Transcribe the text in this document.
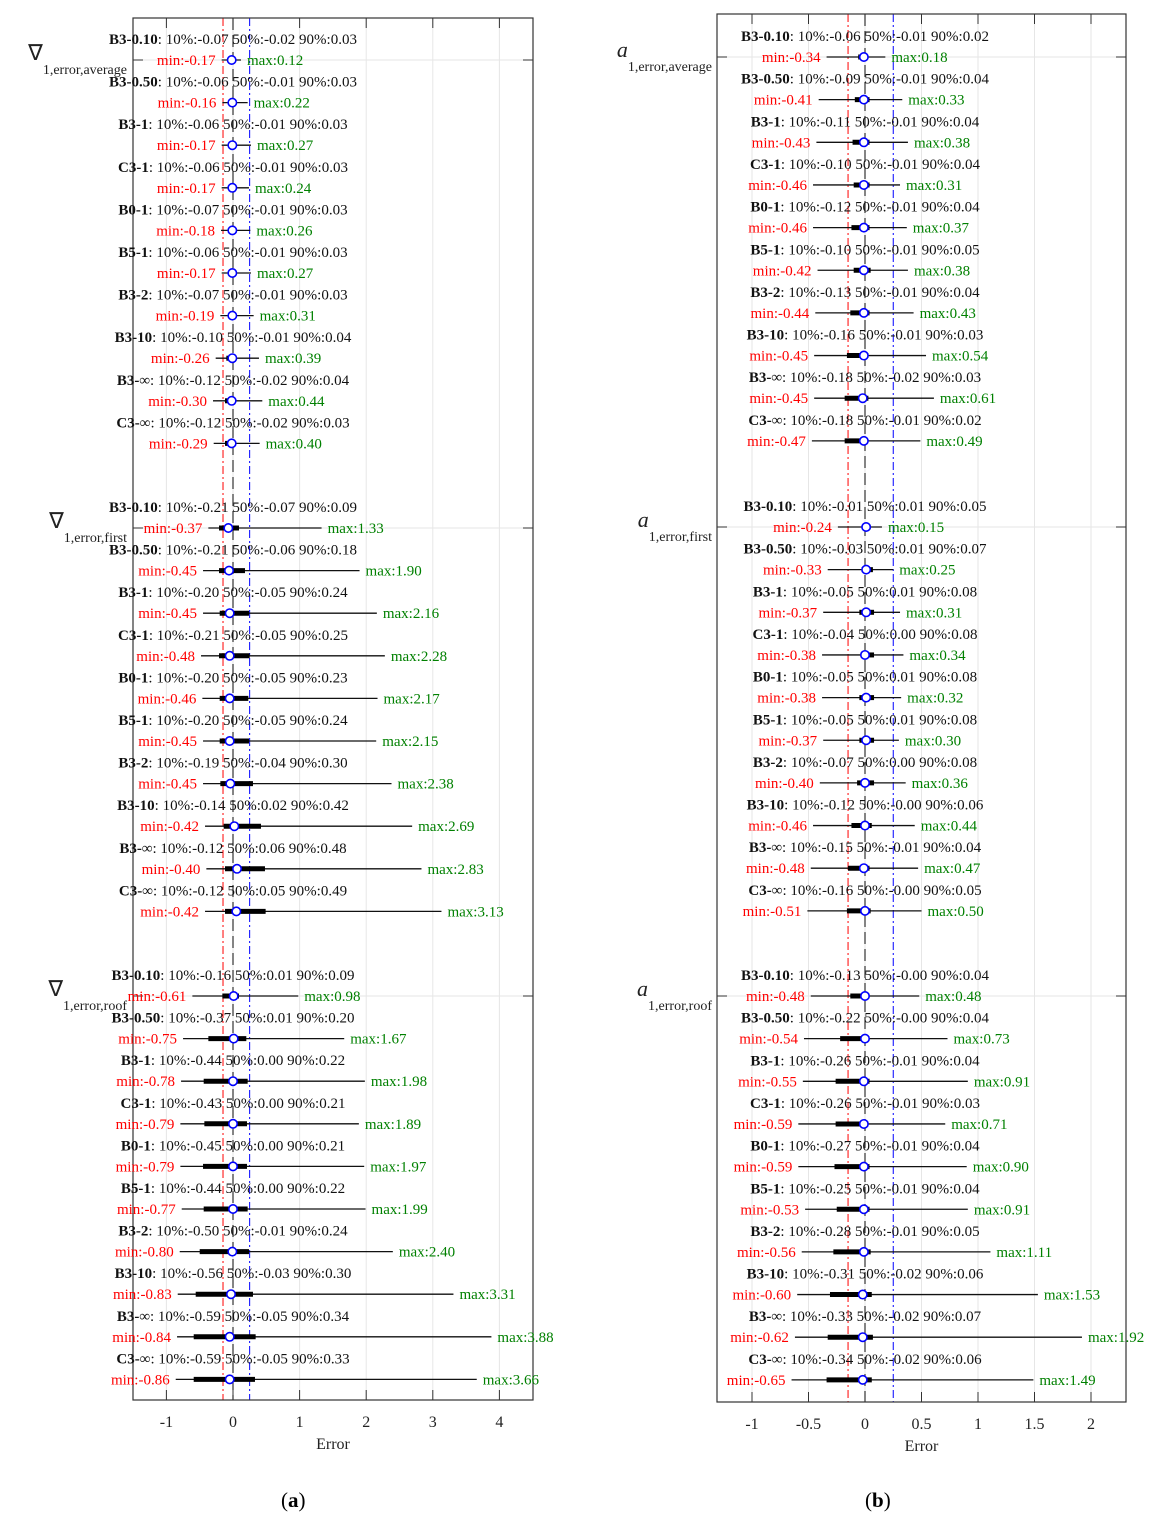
-1	0	1	2	3	4
Error
∇1,error,average
min:-0.17 max:0.12
B3-0.10: 10%:-0.07 50%:-0.02 90%:0.03
min:-0.16 max:0.22
B3-0.50: 10%:-0.06 50%:-0.01 90%:0.03
min:-0.17	max:0.27
B3-1: 10%:-0.06 50%:-0.01 90%:0.03
min:-0.17	max:0.24
C3-1: 10%:-0.06 50%:-0.01 90%:0.03
min:-0.18	max:0.26
B0-1: 10%:-0.07 50%:-0.01 90%:0.03
min:-0.17	max:0.27
B5-1: 10%:-0.06 50%:-0.01 90%:0.03
min:-0.19	max:0.31
B3-2: 10%:-0.07 50%:-0.01 90%:0.03
min:-0.26	max:0.39
B3-10: 10%:-0.10 50%:-0.01 90%:0.04
min:-0.30	max:0.44
B3-∞: 10%:-0.12 50%:-0.02 90%:0.04
min:-0.29	max:0.40
C3-∞: 10%:-0.12 50%:-0.02 90%:0.03
∇1,error,first
min:-0.37	max:1.33
B3-0.10: 10%:-0.21 50%:-0.07 90%:0.09
min:-0.45	max:1.90
B3-0.50: 10%:-0.21 50%:-0.06 90%:0.18
min:-0.45	max:2.16
B3-1: 10%:-0.20 50%:-0.05 90%:0.24
min:-0.48	max:2.28
C3-1: 10%:-0.21 50%:-0.05 90%:0.25
min:-0.46	max:2.17
B0-1: 10%:-0.20 50%:-0.05 90%:0.23
min:-0.45	max:2.15
B5-1: 10%:-0.20 50%:-0.05 90%:0.24
min:-0.45	max:2.38
B3-2: 10%:-0.19 50%:-0.04 90%:0.30
min:-0.42	max:2.69
B3-10: 10%:-0.14 50%:0.02 90%:0.42
min:-0.40	max:2.83
B3-∞: 10%:-0.12 50%:0.06 90%:0.48
min:-0.42	max:3.13
C3-∞: 10%:-0.12 50%:0.05 90%:0.49
∇1,error,roof
min:-0.61	max:0.98
B3-0.10: 10%:-0.16 50%:0.01 90%:0.09
min:-0.75	max:1.67
B3-0.50: 10%:-0.37 50%:0.01 90%:0.20
min:-0.78	max:1.98
B3-1: 10%:-0.44 50%:0.00 90%:0.22
min:-0.79	max:1.89
C3-1: 10%:-0.43 50%:0.00 90%:0.21
min:-0.79	max:1.97
B0-1: 10%:-0.45 50%:0.00 90%:0.21
min:-0.77	max:1.99
B5-1: 10%:-0.44 50%:0.00 90%:0.22
min:-0.80	max:2.40
B3-2: 10%:-0.50 50%:-0.01 90%:0.24
min:-0.83	max:3.31
B3-10: 10%:-0.56 50%:-0.03 90%:0.30
min:-0.84	max:3.88
B3-∞: 10%:-0.59 50%:-0.05 90%:0.34
min:-0.86	max:3.66
C3-∞: 10%:-0.59 50%:-0.05 90%:0.33
-1 -0.5 0	0.5	1	1.5	2
Error
a1,error,average
min:-0.34	max:0.18
B3-0.10: 10%:-0.06 50%:-0.01 90%:0.02
min:-0.41	max:0.33
B3-0.50: 10%:-0.09 50%:-0.01 90%:0.04
min:-0.43	max:0.38
B3-1: 10%:-0.11 50%:-0.01 90%:0.04
min:-0.46	max:0.31
C3-1: 10%:-0.10 50%:-0.01 90%:0.04
min:-0.46	max:0.37
B0-1: 10%:-0.12 50%:-0.01 90%:0.04
min:-0.42	max:0.38
B5-1: 10%:-0.10 50%:-0.01 90%:0.05
min:-0.44	max:0.43
B3-2: 10%:-0.13 50%:-0.01 90%:0.04
min:-0.45	max:0.54
B3-10: 10%:-0.16 50%:-0.01 90%:0.03
min:-0.45	max:0.61
B3-∞: 10%:-0.18 50%:-0.02 90%:0.03
min:-0.47	max:0.49
C3-∞: 10%:-0.18 50%:-0.01 90%:0.02
a1,error,first
min:-0.24	max:0.15
B3-0.10: 10%:-0.01 50%:0.01 90%:0.05
min:-0.33	max:0.25
B3-0.50: 10%:-0.03 50%:0.01 90%:0.07
min:-0.37	max:0.31
B3-1: 10%:-0.05 50%:0.01 90%:0.08
min:-0.38	max:0.34
C3-1: 10%:-0.04 50%:0.00 90%:0.08
min:-0.38	max:0.32
B0-1: 10%:-0.05 50%:0.01 90%:0.08
min:-0.37	max:0.30
B5-1: 10%:-0.05 50%:0.01 90%:0.08
min:-0.40	max:0.36
B3-2: 10%:-0.07 50%:0.00 90%:0.08
min:-0.46	max:0.44
B3-10: 10%:-0.12 50%:-0.00 90%:0.06
min:-0.48	max:0.47
B3-∞: 10%:-0.15 50%:-0.01 90%:0.04
min:-0.51	max:0.50
C3-∞: 10%:-0.16 50%:-0.00 90%:0.05
a1,error,roof
min:-0.48	max:0.48
B3-0.10: 10%:-0.13 50%:-0.00 90%:0.04
min:-0.54	max:0.73
B3-0.50: 10%:-0.22 50%:-0.00 90%:0.04
min:-0.55	max:0.91
B3-1: 10%:-0.26 50%:-0.01 90%:0.04
min:-0.59	max:0.71
C3-1: 10%:-0.26 50%:-0.01 90%:0.03
min:-0.59	max:0.90
B0-1: 10%:-0.27 50%:-0.01 90%:0.04
min:-0.53	max:0.91
B5-1: 10%:-0.25 50%:-0.01 90%:0.04
min:-0.56	max:1.11
B3-2: 10%:-0.28 50%:-0.01 90%:0.05
min:-0.60	max:1.53
B3-10: 10%:-0.31 50%:-0.02 90%:0.06
min:-0.62	max:1.92
B3-∞: 10%:-0.33 50%:-0.02 90%:0.07
min:-0.65	max:1.49
C3-∞: 10%:-0.34 50%:-0.02 90%:0.06
(a)	(b)
